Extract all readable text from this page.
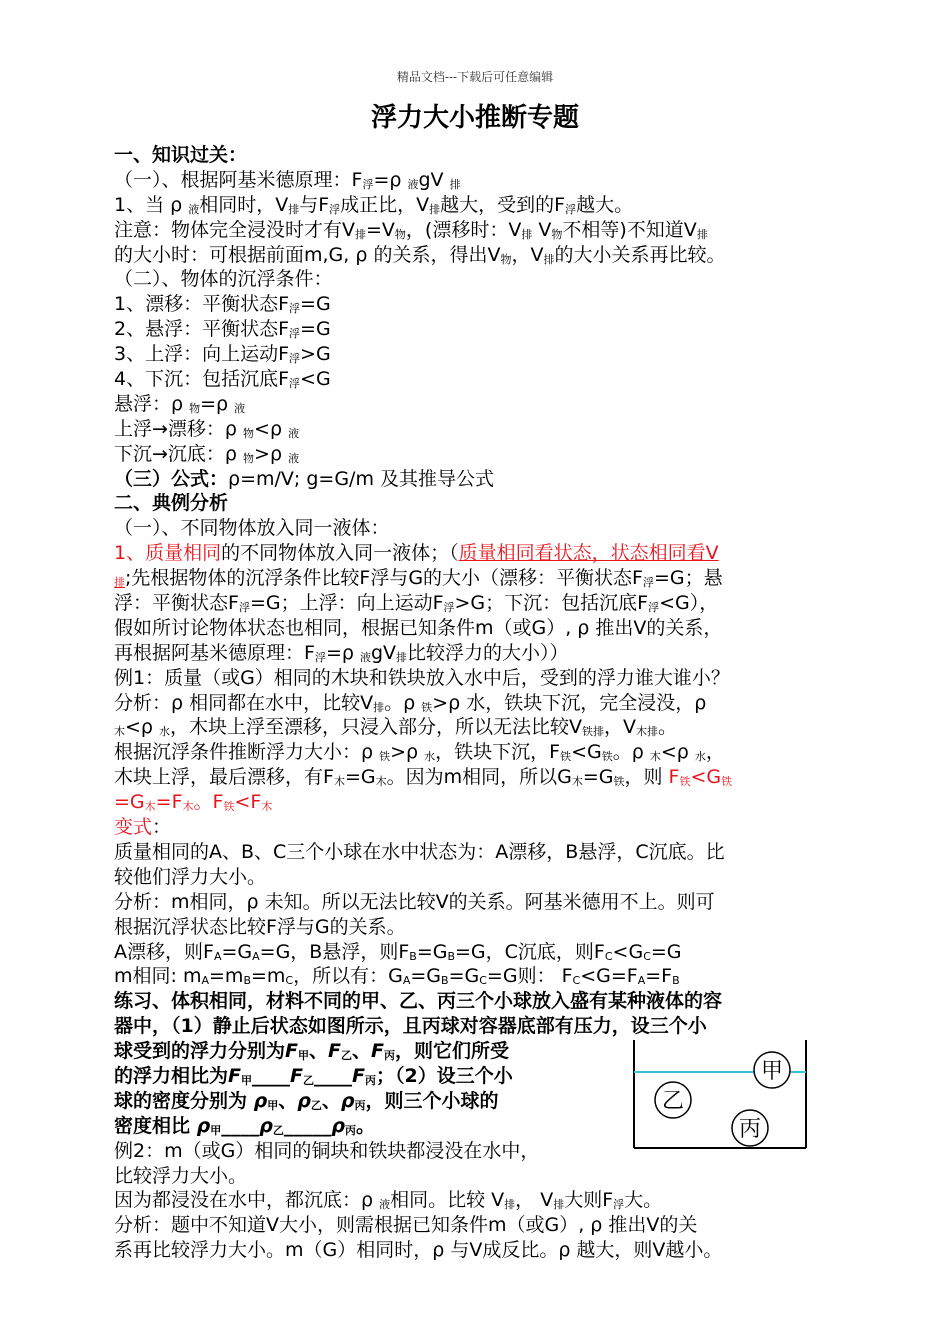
精品文档---下载后可任意编辑
浮力大小推断专题
一、知识过关：
（一）、根据阿基米德原理：F浮=ρ 液gV 排
1、当 ρ 液相同时，V排与F浮成正比，V排越大，受到的F浮越大。
注意：物体完全浸没时才有V排=V物，(漂移时：V排 V物不相等)不知道V排
的大小时：可根据前面m,G, ρ 的关系，得出V物，V排的大小关系再比较。
（二）、物体的沉浮条件：
1、漂移：平衡状态F浮=G
2、悬浮：平衡状态F浮=G
3、上浮：向上运动F浮>G
4、下沉：包括沉底F浮<G
悬浮：ρ 物=ρ 液
上浮→漂移：ρ 物<ρ 液
下沉→沉底：ρ 物>ρ 液
（三）公式：ρ=m/V; g=G/m 及其推导公式
二、典例分析
（一）、不同物体放入同一液体：
1、质量相同的不同物体放入同一液体；（质量相同看状态，状态相同看V
排;先根据物体的沉浮条件比较F浮与G的大小（漂移：平衡状态F浮=G；悬
浮：平衡状态F浮=G；上浮：向上运动F浮>G；下沉：包括沉底F浮<G），
假如所讨论物体状态也相同，根据已知条件m（或G）, ρ 推出V的关系，
再根据阿基米德原理：F浮=ρ 液gV排比较浮力的大小））
例1：质量（或G）相同的木块和铁块放入水中后，受到的浮力谁大谁小？
分析：ρ 相同都在水中，比较V排。ρ 铁>ρ 水，铁块下沉，完全浸没，ρ
木<ρ 水，木块上浮至漂移，只浸入部分，所以无法比较V铁排，V木排。
根据沉浮条件推断浮力大小：ρ 铁>ρ 水，铁块下沉，F铁<G铁。ρ 木<ρ 水，
木块上浮，最后漂移，有F木=G木。因为m相同，所以G木=G铁，则 F铁<G铁
=G木=F木。F铁<F木
变式：
质量相同的A、B、C三个小球在水中状态为：A漂移，B悬浮，C沉底。比
较他们浮力大小。
分析：m相同，ρ 未知。所以无法比较V的关系。阿基米德用不上。则可
根据沉浮状态比较F浮与G的关系。
A漂移，则FA=GA=G，B悬浮，则FB=GB=G，C沉底，则FC<GC=G
m相同: mA=mB=mC，所以有：GA=GB=GC=G则： FC<G=FA=FB
练习、体积相同，材料不同的甲、乙、丙三个小球放入盛有某种液体的容
器中，（1）静止后状态如图所示，且丙球对容器底部有压力，设三个小
球受到的浮力分别为F甲、F乙、F丙，则它们所受
的浮力相比为F甲____F乙____F丙；（2）设三个小
球的密度分别为 ρ甲、ρ乙、ρ丙，则三个小球的
密度相比 ρ甲____ρ乙_____ρ丙。
例2：m（或G）相同的铜块和铁块都浸没在水中，
比较浮力大小。
因为都浸没在水中，都沉底：ρ 液相同。比较 V排， V排大则F浮大。
分析：题中不知道V大小，则需根据已知条件m（或G）, ρ 推出V的关
系再比较浮力大小。m（G）相同时，ρ 与V成反比。ρ 越大，则V越小。
甲
乙
丙
